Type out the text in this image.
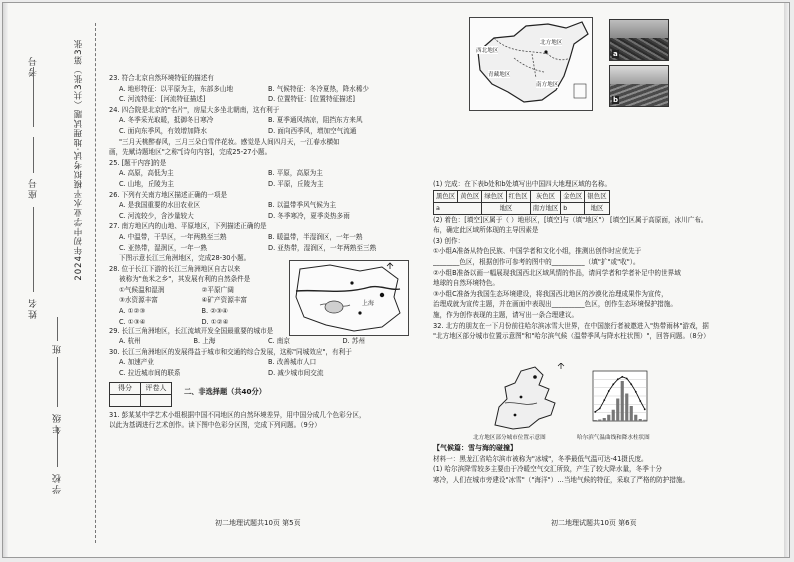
考号
座号
姓名
班
年级
学校
2024年初中学业水平模拟考试·地理试题（共3张）第3张	23. 符合北京自然环境特征的描述有

A. 地形特征：以平原为主，东部多山地	B. 气候特征：冬冷夏热，降水稀少
C. 河流特征：[河流特征描述]	D. 位置特征：[位置特征描述]

24. 四合院是北京的"名片"，房屋大多坐北朝南，这有利于

A. 冬季采光取暖，抵御冬日寒冷	B. 夏季通风纳凉，阻挡东方来风
C. 面向东季风，有效增加降水	D. 面向西季风，增加空气流通

"三月天桃醉春风，三月三朵白雪伴花妆。感觉是人间四月天，一江春水横如

画，先赋诗题地区"之称"[诗句内容]，完成25-27小题。

25. [题干内容]的是

A. 高原，高低为主	B. 平原，高原为主
C. 山地，丘陵为主	D. 平原，丘陵为主

26. 下列有关南方地区描述正确的一项是

A. 是我国重要的水田农业区	B. 以温带季风气候为主
C. 河流较少，含沙量较大	D. 冬季寒冷，夏季炎热多雨

27. 南方地区内的山地、平原地区，下列描述正确的是

A. 中温带，干旱区，一年两熟至三熟	B. 暖温带，半湿润区，一年一熟
C. 亚热带，湿润区，一年一熟	D. 亚热带，湿润区，一年两熟至三熟

下图示意长江三角洲地区，完成28-30小题。

28. 位于长江下游的长江三角洲地区自古以来

被称为"鱼米之乡"，其发展有利的自然条件是

①气候温和湿润	②平原广阔
③水资源丰富	④矿产资源丰富
A. ①②③	B. ②③④
C. ①③④	D. ①②④
上海

29. 长江三角洲地区，长江流域开发全国最重要的城市是

A. 杭州	B. 上海	C. 南京	D. 苏州

30. 长江三角洲地区的发展得益于城市和交通的综合发展，这称"同城效应"，有利于

A. 加速产业	B. 改善城市人口
C. 拉近城市间的联系	D. 减少城市间交流
得分	评卷人
	二、非选择题（共40分）

31. 彭某某中学艺术小组根据中国不同地区的自然环境差异，用中国分成几个色彩分区，

以此为基调进行艺术创作。读下图中色彩分区图，完成下列问题。（9分）

初二地理试题共10页 第5页
西北地区
青藏地区
北方地区
南方地区
a
b

(1) 完成：在下表b处和b处填写出中国四大地理区域的名称。

黑色区	黄色区	绿色区	红色区	灰色区	金色区	银色区
a		地区		南方地区	b	地区

(2) 着色：[填空]区属于（ ）地形区，[填空]与（填"地区"） [填空]区属于高原面，冰川广布。

布，确定此区域所体现的主导因素是

(3) 创作：

①小组A准备从特色民族、中国学者和文化小组，推测出创作时应优先于

________色区，根据创作可参考的图中的__________（填"扩"或"收"）。

②小组B准备以画一幅展现我国西北区域风情的作品，请问学者和学者补足中的世界域

地球的自然环境特色。

③小组C准备为我国生态环境建设，将我国西北地区的沙漠化治理成果作为宣传，

治理成就为宣传主题，并在画面中表现出__________色区，创作生态环境保护措施。

施，作为创作表现的主题，请写出一条合理建议。

32. 北方的朋友在一下月份前往哈尔滨冰雪大世界，在中国旅行者被邀进入"热带雨林"游戏，据

"北方地区部分城市位置示意图"和"哈尔滨气候（温带季风与降水柱状图）"，回答问题。（8分）

北方地区部分城市位置示意图	哈尔滨气温曲线和降水柱状图

【气候篇：雪与海的碰撞】

材料一：黑龙江省哈尔滨市被称为"冰城"，冬季最低气温可达-41摄氏度。

(1) 哈尔滨降雪较多主要由于冷暖空气交汇所致，产生了较大降水量，冬季十分

寒冷，人们在城市旁建设"冰雪"（"海洋"）…当地气候的特征，采取了严格的防护措施。

初二地理试题共10页 第6页
